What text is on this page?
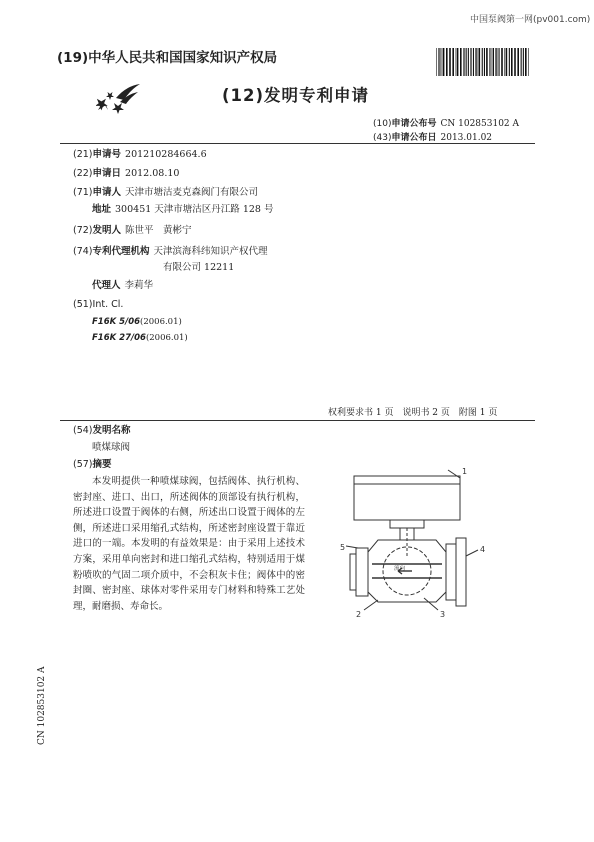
中国泵阀第一网(pv001.com)
(19)中华人民共和国国家知识产权局
(12)发明专利申请
(10)申请公布号 CN 102853102 A
(43)申请公布日 2013.01.02
(21)申请号 201210284664.6
(22)申请日 2012.08.10
(71)申请人 天津市塘沽麦克森阀门有限公司
地址 300451 天津市塘沽区丹江路 128 号
(72)发明人 陈世平　黄彬宁
(74)专利代理机构 天津滨海科纬知识产权代理
有限公司 12211
代理人 李莉华
(51)Int. Cl.
F16K 5/06(2006.01)
F16K 27/06(2006.01)
权利要求书 1 页　说明书 2 页　附图 1 页
(54)发明名称
喷煤球阀
(57)摘要
本发明提供一种喷煤球阀，包括阀体、执行机构、密封座、进口、出口，所述阀体的顶部设有执行机构，所述进口设置于阀体的右侧，所述出口设置于阀体的左侧，所述进口采用缩孔式结构，所述密封座设置于靠近进口的一端。本发明的有益效果是：由于采用上述技术方案，采用单向密封和进口缩孔式结构，特别适用于煤粉喷吹的气固二项介质中，不会积灰卡住；阀体中的密封圈、密封座、球体对零件采用专门材料和特殊工艺处理，耐磨损、寿命长。
1
5	4
2	3
流向
CN 102853102 A
